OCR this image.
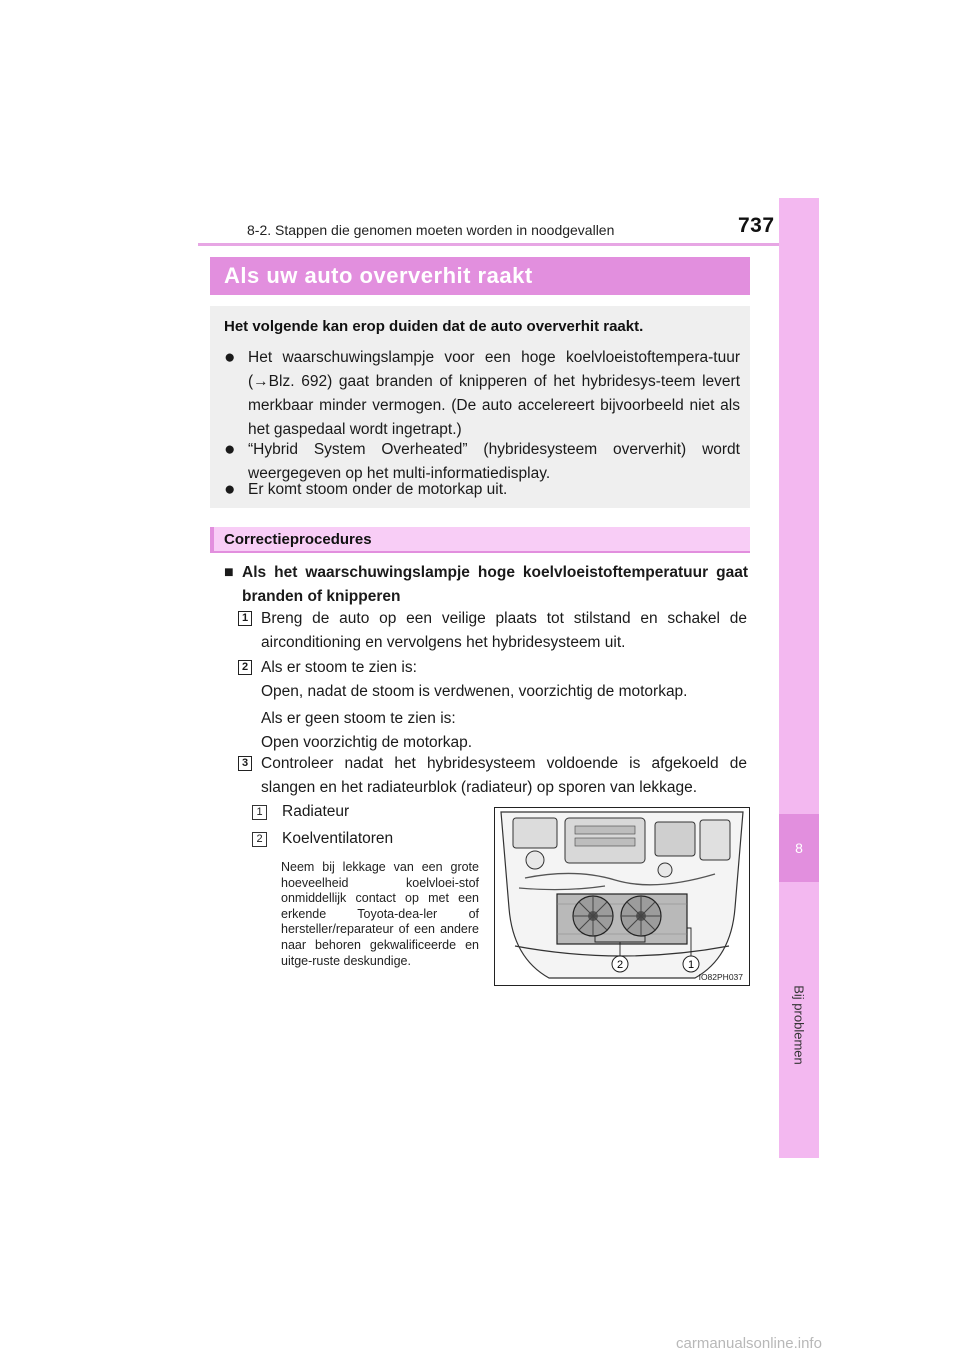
8-2. Stappen die genomen moeten worden in noodgevallen	737
8
Bij problemen
Als uw auto oververhit raakt
Het volgende kan erop duiden dat de auto oververhit raakt.
● Het waarschuwingslampje voor een hoge koelvloeistoftempera-tuur (→Blz. 692) gaat branden of knipperen of het hybridesys-teem levert merkbaar minder vermogen. (De auto accelereert bijvoorbeeld niet als het gaspedaal wordt ingetrapt.)
● “Hybrid System Overheated” (hybridesysteem oververhit) wordt weergegeven op het multi-informatiedisplay.
● Er komt stoom onder de motorkap uit.
Correctieprocedures
■ Als het waarschuwingslampje hoge koelvloeistoftemperatuur gaat branden of knipperen
1 Breng de auto op een veilige plaats tot stilstand en schakel de airconditioning en vervolgens het hybridesysteem uit.
2 Als er stoom te zien is:
Open, nadat de stoom is verdwenen, voorzichtig de motorkap.
Als er geen stoom te zien is:
Open voorzichtig de motorkap.
3 Controleer nadat het hybridesysteem voldoende is afgekoeld de slangen en het radiateurblok (radiateur) op sporen van lekkage.
1 Radiateur
2 Koelventilatoren
Neem bij lekkage van een grote hoeveelheid koelvloei-stof onmiddellijk contact op met een erkende Toyota-dea-ler of hersteller/reparateur of een andere naar behoren gekwalificeerde en uitge-ruste deskundige.	2	1
IO82PH037
carmanualsonline.info
